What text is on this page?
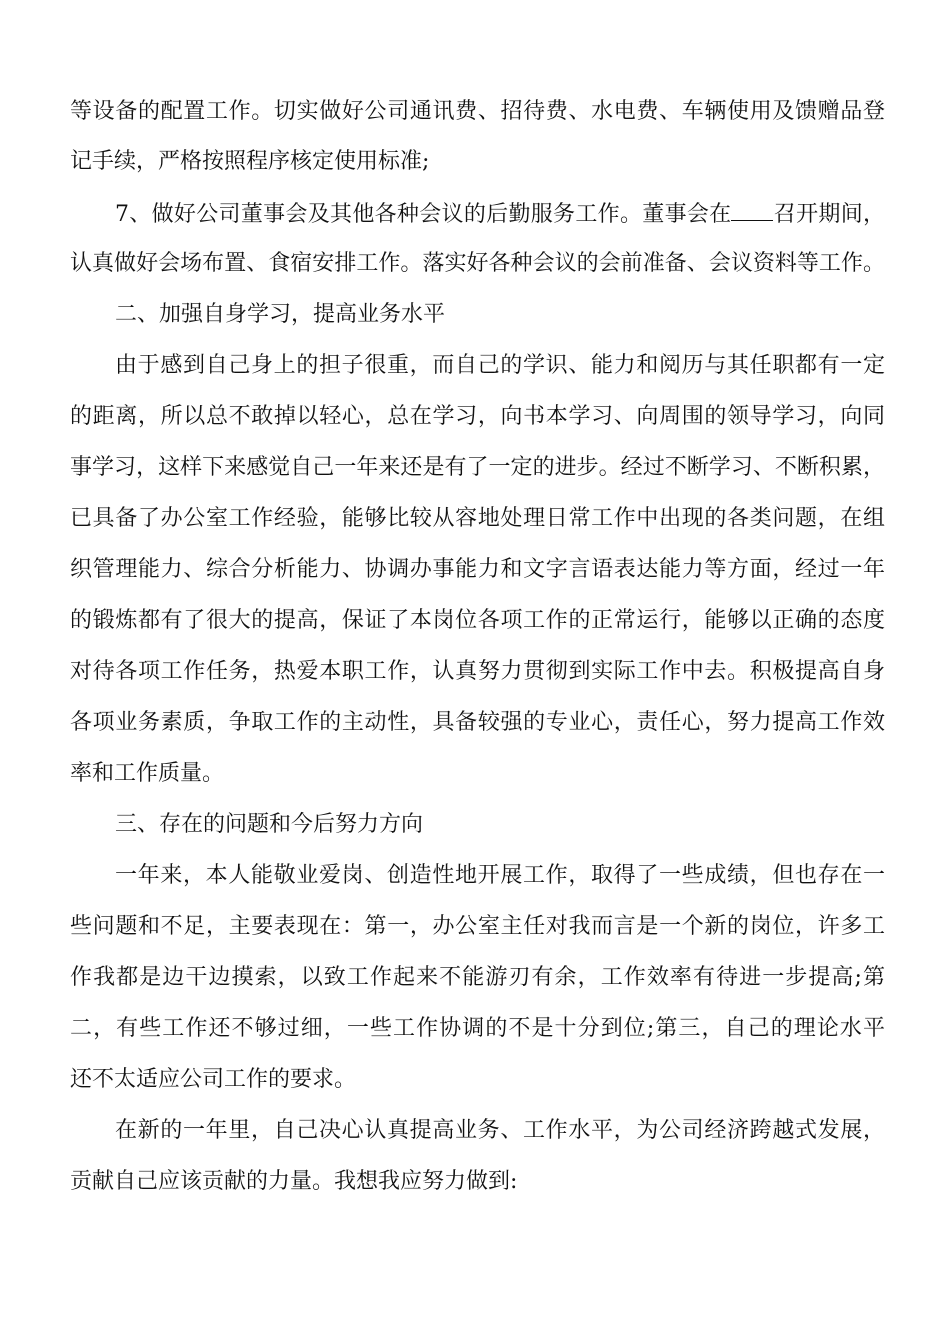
等设备的配置工作。切实做好公司通讯费、招待费、水电费、车辆使用及馈赠品登
记手续，严格按照程序核定使用标准;
7、做好公司董事会及其他各种会议的后勤服务工作。董事会在 召开期间，
认真做好会场布置、食宿安排工作。落实好各种会议的会前准备、会议资料等工作。
二、加强自身学习，提高业务水平
由于感到自己身上的担子很重，而自己的学识、能力和阅历与其任职都有一定
的距离，所以总不敢掉以轻心，总在学习，向书本学习、向周围的领导学习，向同
事学习，这样下来感觉自己一年来还是有了一定的进步。经过不断学习、不断积累，
已具备了办公室工作经验，能够比较从容地处理日常工作中出现的各类问题，在组
织管理能力、综合分析能力、协调办事能力和文字言语表达能力等方面，经过一年
的锻炼都有了很大的提高，保证了本岗位各项工作的正常运行，能够以正确的态度
对待各项工作任务，热爱本职工作，认真努力贯彻到实际工作中去。积极提高自身
各项业务素质，争取工作的主动性，具备较强的专业心，责任心，努力提高工作效
率和工作质量。
三、存在的问题和今后努力方向
一年来，本人能敬业爱岗、创造性地开展工作，取得了一些成绩，但也存在一
些问题和不足，主要表现在：第一，办公室主任对我而言是一个新的岗位，许多工
作我都是边干边摸索，以致工作起来不能游刃有余，工作效率有待进一步提高;第
二，有些工作还不够过细，一些工作协调的不是十分到位;第三，自己的理论水平
还不太适应公司工作的要求。
在新的一年里，自己决心认真提高业务、工作水平，为公司经济跨越式发展，
贡献自己应该贡献的力量。我想我应努力做到:
